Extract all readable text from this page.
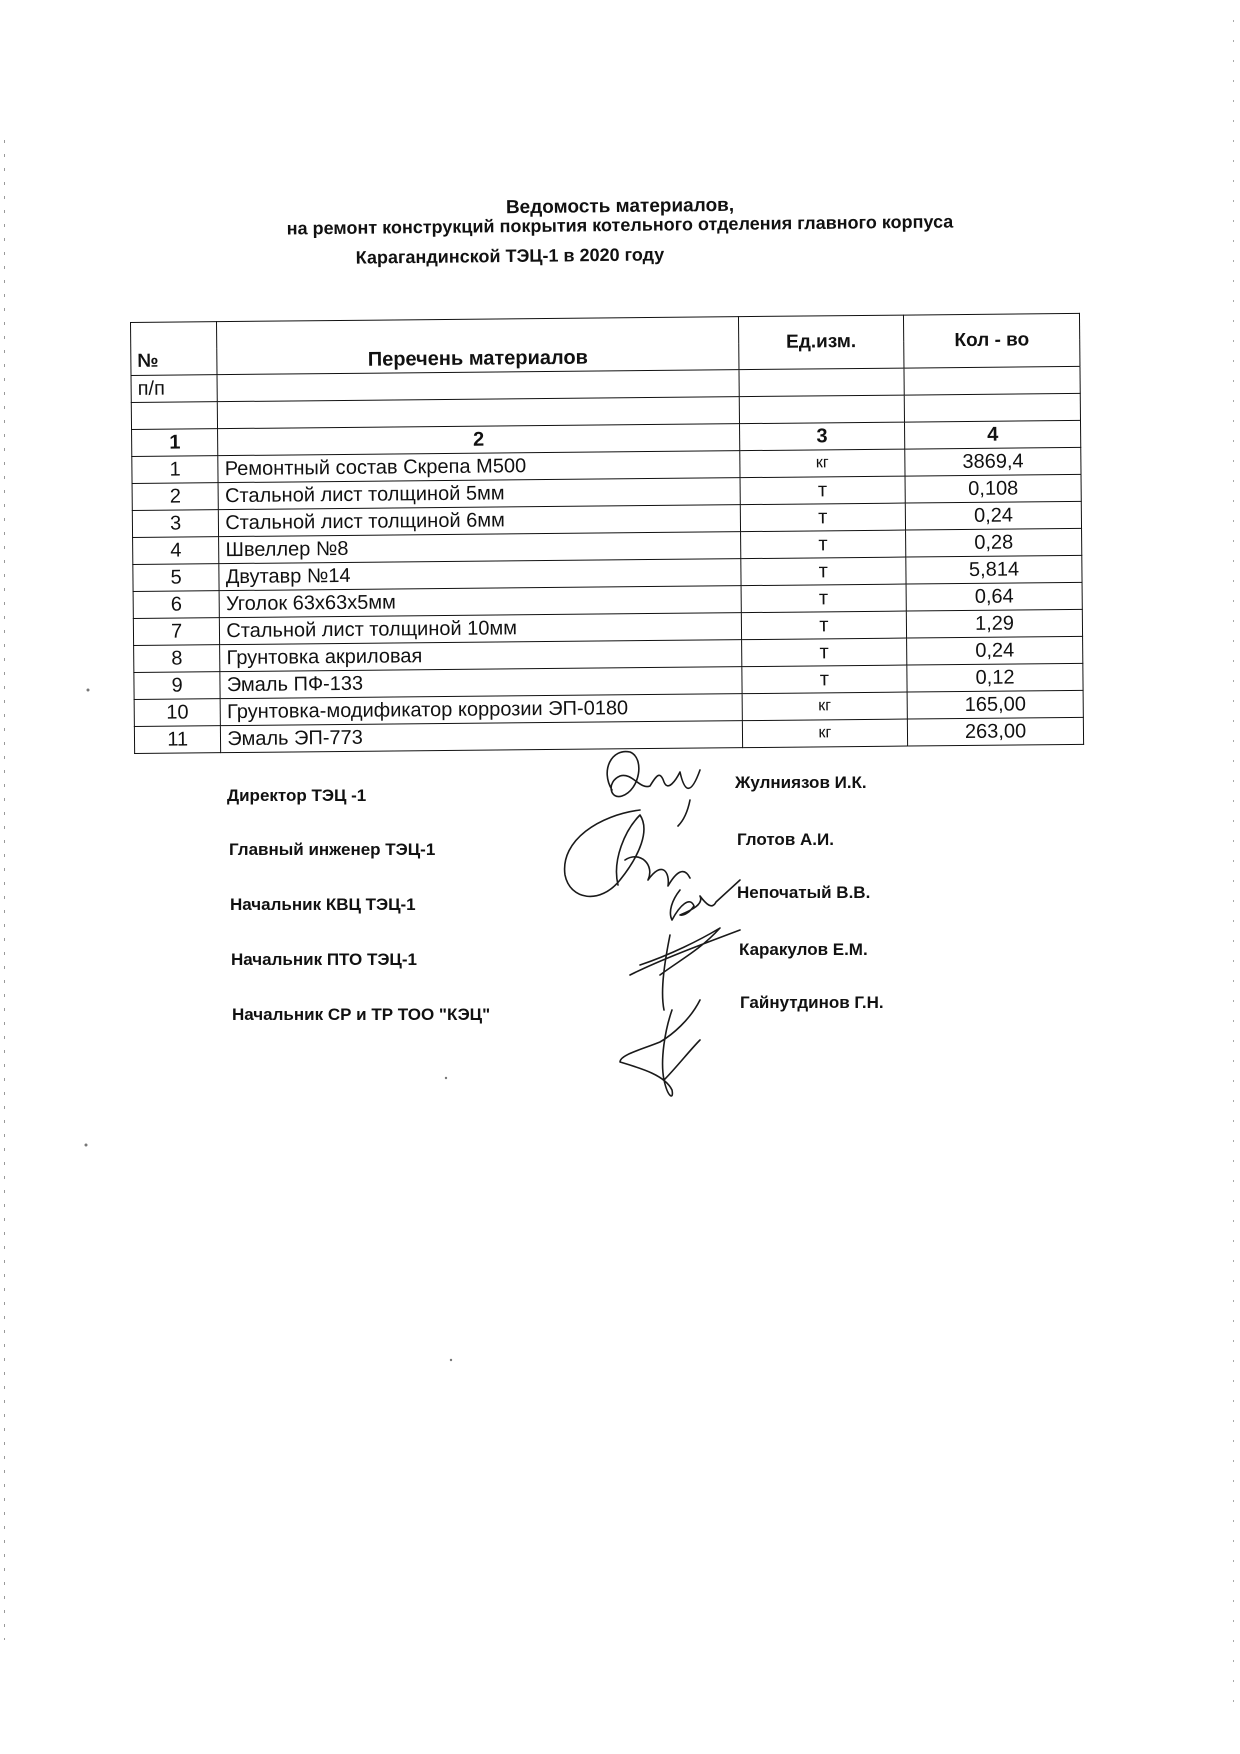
Ведомость материалов,
на ремонт конструкций покрытия котельного отделения главного корпуса
Карагандинской ТЭЦ-1 в 2020 году
		Ед.изм.	Кол - во
№	Перечень материалов		
п/п			

1	2	3	4
1	Ремонтный состав Скрепа М500	кг	3869,4
2	Стальной лист толщиной 5мм	т	0,108
3	Стальной лист толщиной 6мм	т	0,24
4	Швеллер №8	т	0,28
5	Двутавр №14	т	5,814
6	Уголок 63х63х5мм	т	0,64
7	Стальной лист толщиной 10мм	т	1,29
8	Грунтовка акриловая	т	0,24
9	Эмаль ПФ-133	т	0,12
10	Грунтовка-модификатор коррозии ЭП-0180	кг	165,00
11	Эмаль ЭП-773	кг	263,00
Директор ТЭЦ -1
Главный инженер ТЭЦ-1
Начальник КВЦ ТЭЦ-1
Начальник ПТО ТЭЦ-1
Начальник СР и ТР ТОО "КЭЦ"
Жулниязов И.К.
Глотов А.И.
Непочатый В.В.
Каракулов Е.М.
Гайнутдинов Г.Н.
